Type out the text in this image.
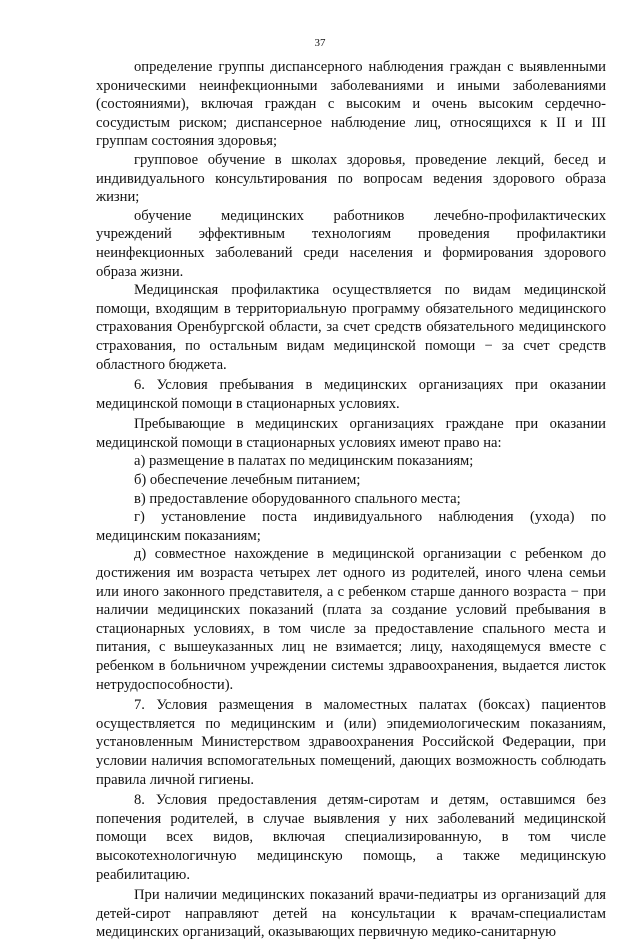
37

определение группы диспансерного наблюдения граждан с выявленными хроническими неинфекционными заболеваниями и иными заболеваниями (состояниями), включая граждан с высоким и очень высоким сердечно-сосудистым риском; диспансерное наблюдение лиц, относящихся к II и III группам состояния здоровья;

групповое обучение в школах здоровья, проведение лекций, бесед и индивидуального консультирования по вопросам ведения здорового образа жизни;

обучение медицинских работников лечебно-профилактических учреждений эффективным технологиям проведения профилактики неинфекционных заболеваний среди населения и формирования здорового образа жизни.

Медицинская профилактика осуществляется по видам медицинской помощи, входящим в территориальную программу обязательного медицинского страхования Оренбургской области, за счет средств обязательного медицинского страхования, по остальным видам медицинской помощи − за счет средств областного бюджета.

6. Условия пребывания в медицинских организациях при оказании медицинской помощи в стационарных условиях.

Пребывающие в медицинских организациях граждане при оказании медицинской помощи в стационарных условиях имеют право на:

а) размещение в палатах по медицинским показаниям;

б) обеспечение лечебным питанием;

в) предоставление оборудованного спального места;

г) установление поста индивидуального наблюдения (ухода) по медицинским показаниям;

д) совместное нахождение в медицинской организации с ребенком до достижения им возраста четырех лет одного из родителей, иного члена семьи или иного законного представителя, а с ребенком старше данного возраста − при наличии медицинских показаний (плата за создание условий пребывания в стационарных условиях, в том числе за предоставление спального места и питания, с вышеуказанных лиц не взимается; лицу, находящемуся вместе с ребенком в больничном учреждении системы здравоохранения, выдается листок нетрудоспособности).

7. Условия размещения в маломестных палатах (боксах) пациентов осуществляется по медицинским и (или) эпидемиологическим показаниям, установленным Министерством здравоохранения Российской Федерации, при условии наличия вспомогательных помещений, дающих возможность соблюдать правила личной гигиены.

8. Условия предоставления детям-сиротам и детям, оставшимся без попечения родителей, в случае выявления у них заболеваний медицинской помощи всех видов, включая специализированную, в том числе высокотехнологичную медицинскую помощь, а также медицинскую реабилитацию.

При наличии медицинских показаний врачи-педиатры из организаций для детей-сирот направляют детей на консультации к врачам-специалистам медицинских организаций, оказывающих первичную медико-санитарную
